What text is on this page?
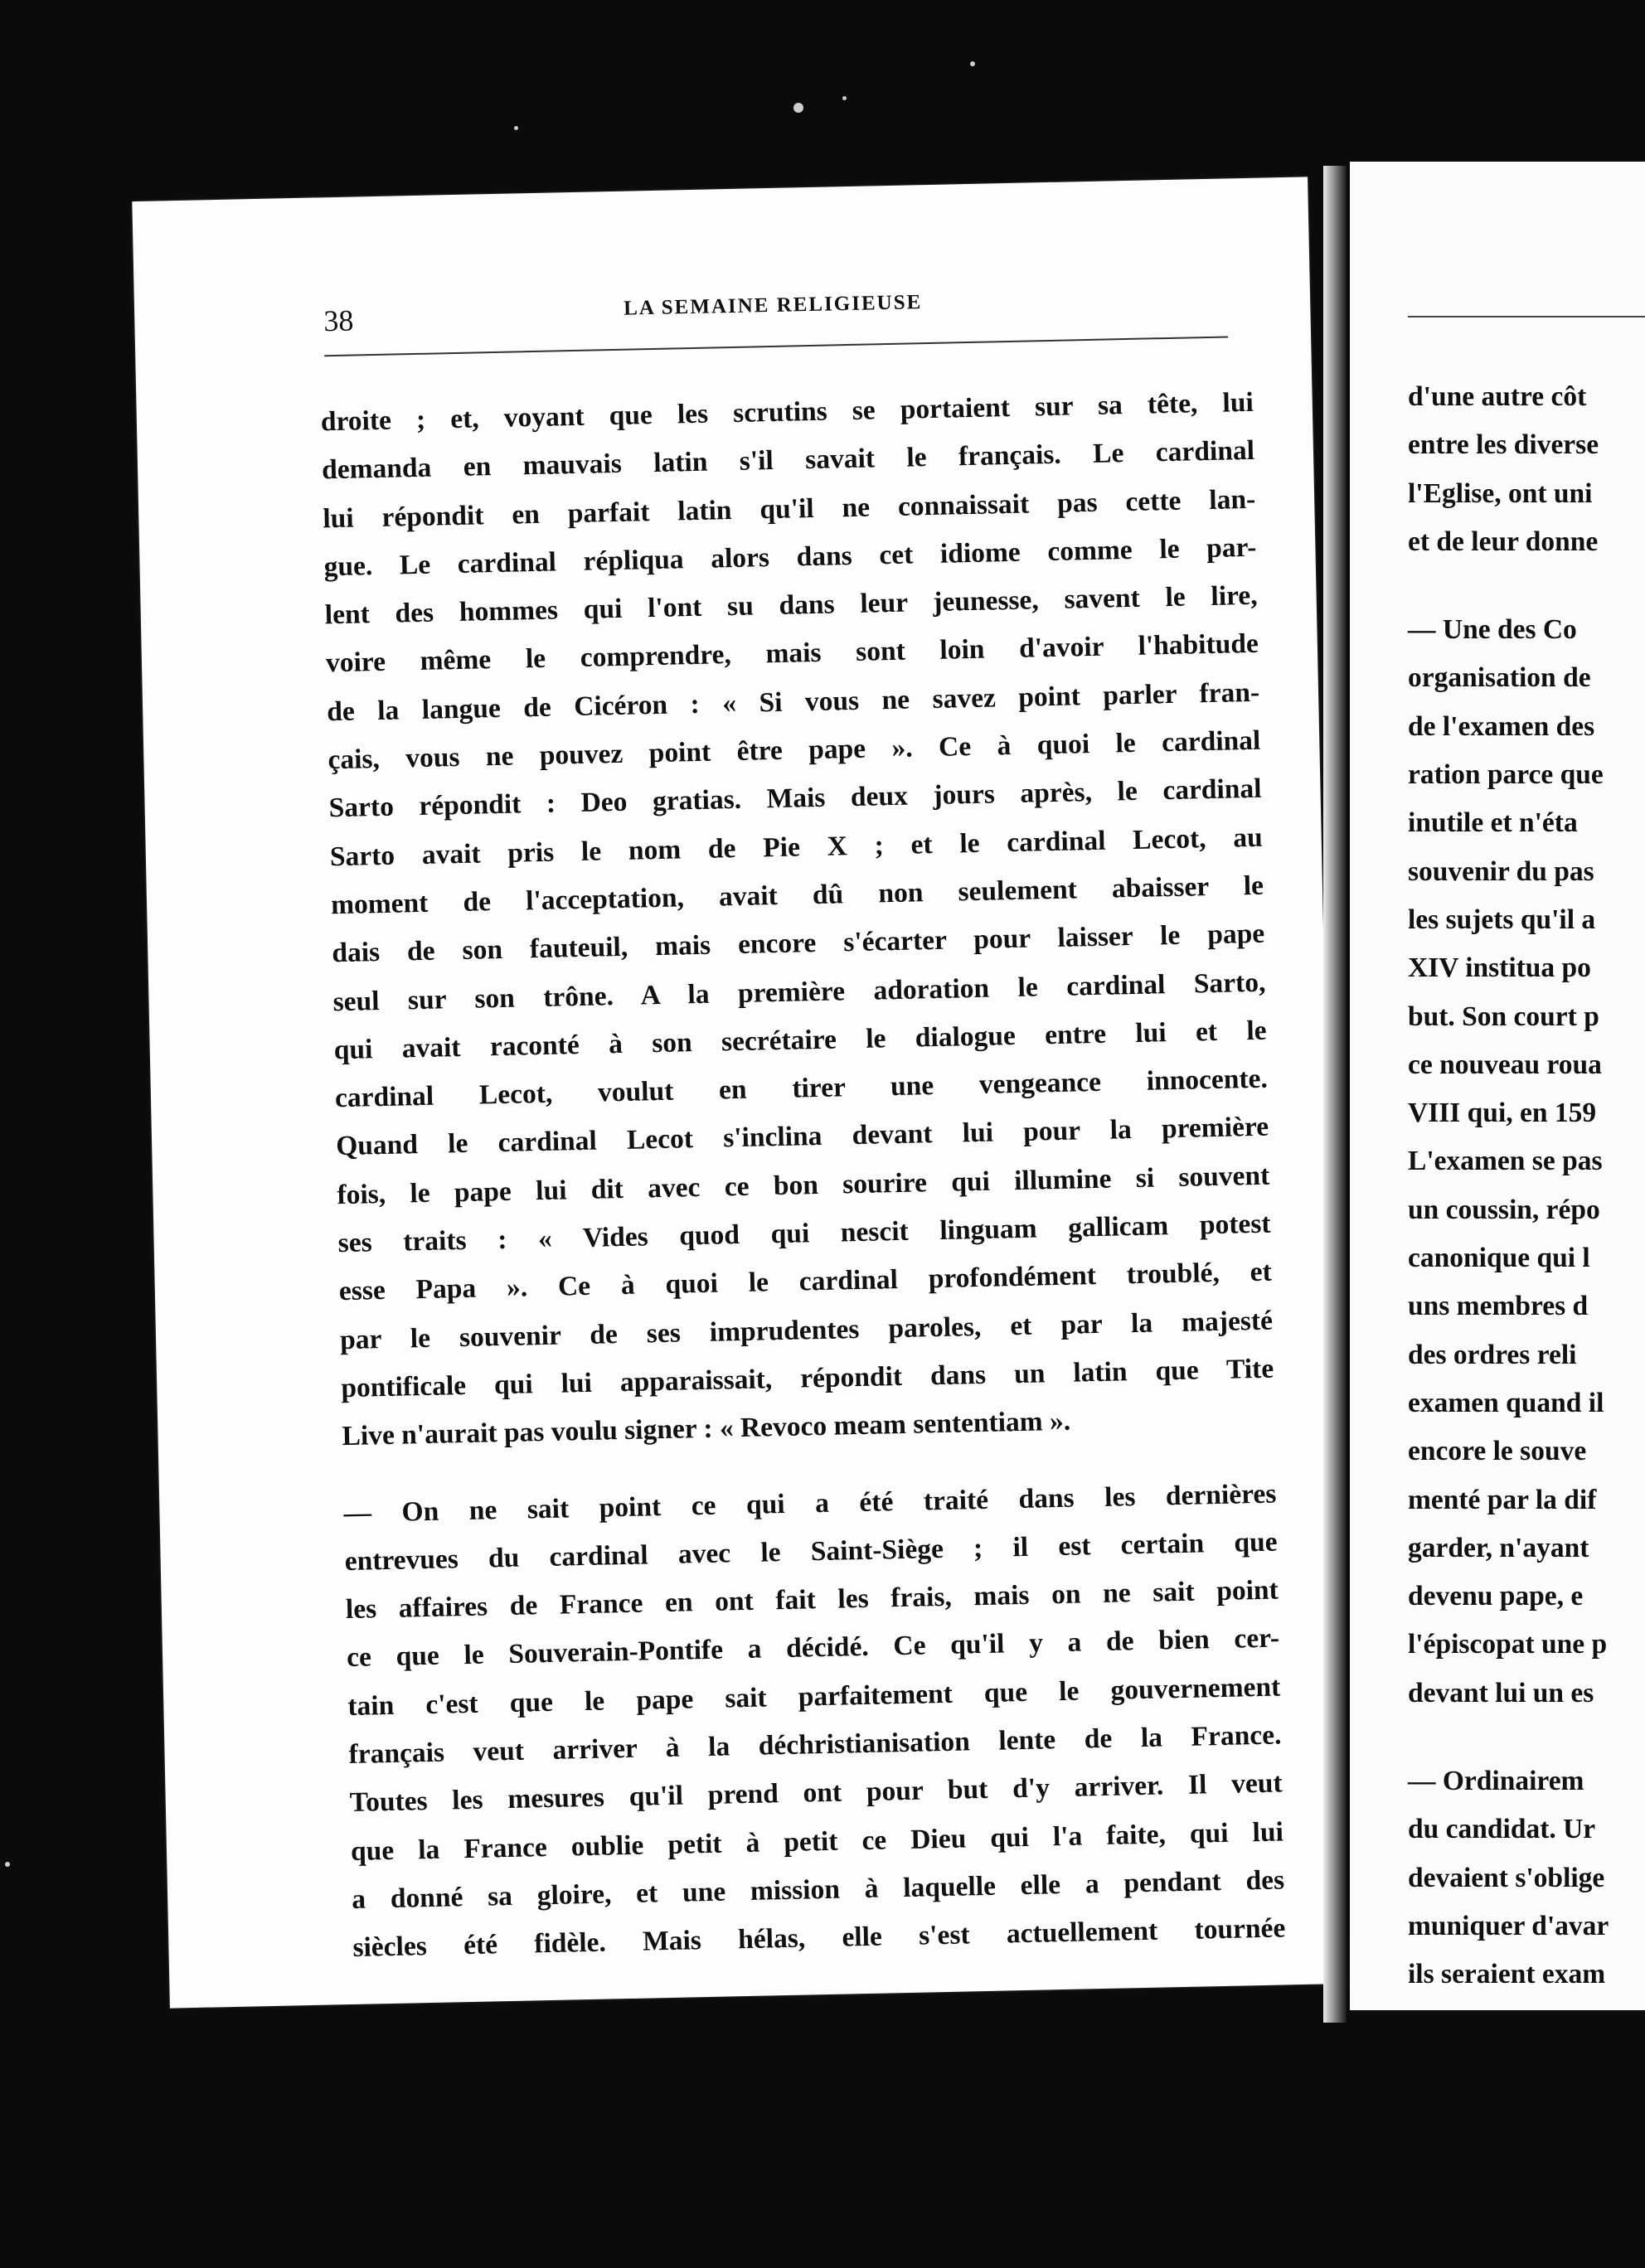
38	LA SEMAINE RELIGIEUSE
droite ; et, voyant que les scrutins se portaient sur sa tête, lui
demanda en mauvais latin s'il savait le français. Le cardinal
lui répondit en parfait latin qu'il ne connaissait pas cette lan-
gue. Le cardinal répliqua alors dans cet idiome comme le par-
lent des hommes qui l'ont su dans leur jeunesse, savent le lire,
voire même le comprendre, mais sont loin d'avoir l'habitude
de la langue de Cicéron : « Si vous ne savez point parler fran-
çais, vous ne pouvez point être pape ». Ce à quoi le cardinal
Sarto répondit : Deo gratias. Mais deux jours après, le cardinal
Sarto avait pris le nom de Pie X ; et le cardinal Lecot, au
moment de l'acceptation, avait dû non seulement abaisser le
dais de son fauteuil, mais encore s'écarter pour laisser le pape
seul sur son trône. A la première adoration le cardinal Sarto,
qui avait raconté à son secrétaire le dialogue entre lui et le
cardinal Lecot, voulut en tirer une vengeance innocente.
Quand le cardinal Lecot s'inclina devant lui pour la première
fois, le pape lui dit avec ce bon sourire qui illumine si souvent
ses traits : « Vides quod qui nescit linguam gallicam potest
esse Papa ». Ce à quoi le cardinal profondément troublé, et
par le souvenir de ses imprudentes paroles, et par la majesté
pontificale qui lui apparaissait, répondit dans un latin que Tite
Live n'aurait pas voulu signer : « Revoco meam sententiam ».
— On ne sait point ce qui a été traité dans les dernières
entrevues du cardinal avec le Saint-Siège ; il est certain que
les affaires de France en ont fait les frais, mais on ne sait point
ce que le Souverain-Pontife a décidé. Ce qu'il y a de bien cer-
tain c'est que le pape sait parfaitement que le gouvernement
français veut arriver à la déchristianisation lente de la France.
Toutes les mesures qu'il prend ont pour but d'y arriver. Il veut
que la France oublie petit à petit ce Dieu qui l'a faite, qui lui
a donné sa gloire, et une mission à laquelle elle a pendant des
siècles été fidèle. Mais hélas, elle s'est actuellement tournée
d'une autre côt
entre les diverse
l'Eglise, ont uni
et de leur donne
— Une des Co
organisation de
de l'examen des
ration parce que
inutile et n'éta
souvenir du pas
les sujets qu'il a
XIV institua po
but. Son court p
ce nouveau roua
VIII qui, en 159
L'examen se pas
un coussin, répo
canonique qui l
uns membres d
des ordres reli
examen quand il
encore le souve
menté par la dif
garder, n'ayant
devenu pape, e
l'épiscopat une p
devant lui un es
— Ordinairem
du candidat. Ur
devaient s'oblige
muniquer d'avar
ils seraient exam
